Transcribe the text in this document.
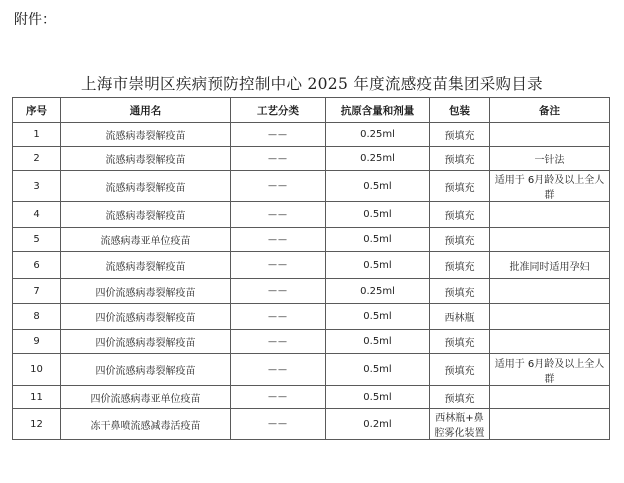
附件：
上海市崇明区疾病预防控制中心 2025 年度流感疫苗集团采购目录
序号	通用名	工艺分类	抗原含量和剂量	包装	备注
1	流感病毒裂解疫苗	——	0.25ml	预填充	
2	流感病毒裂解疫苗	——	0.25ml	预填充	一针法
3	流感病毒裂解疫苗	——	0.5ml	预填充	适用于 6月龄及以上全人群
4	流感病毒裂解疫苗	——	0.5ml	预填充	
5	流感病毒亚单位疫苗	——	0.5ml	预填充	
6	流感病毒裂解疫苗	——	0.5ml	预填充	批准同时适用孕妇
7	四价流感病毒裂解疫苗	——	0.25ml	预填充	
8	四价流感病毒裂解疫苗	——	0.5ml	西林瓶	
9	四价流感病毒裂解疫苗	——	0.5ml	预填充	
10	四价流感病毒裂解疫苗	——	0.5ml	预填充	适用于 6月龄及以上全人群
11	四价流感病毒亚单位疫苗	——	0.5ml	预填充	
12	冻干鼻喷流感减毒活疫苗	——	0.2ml	西林瓶+鼻腔雾化装置	
